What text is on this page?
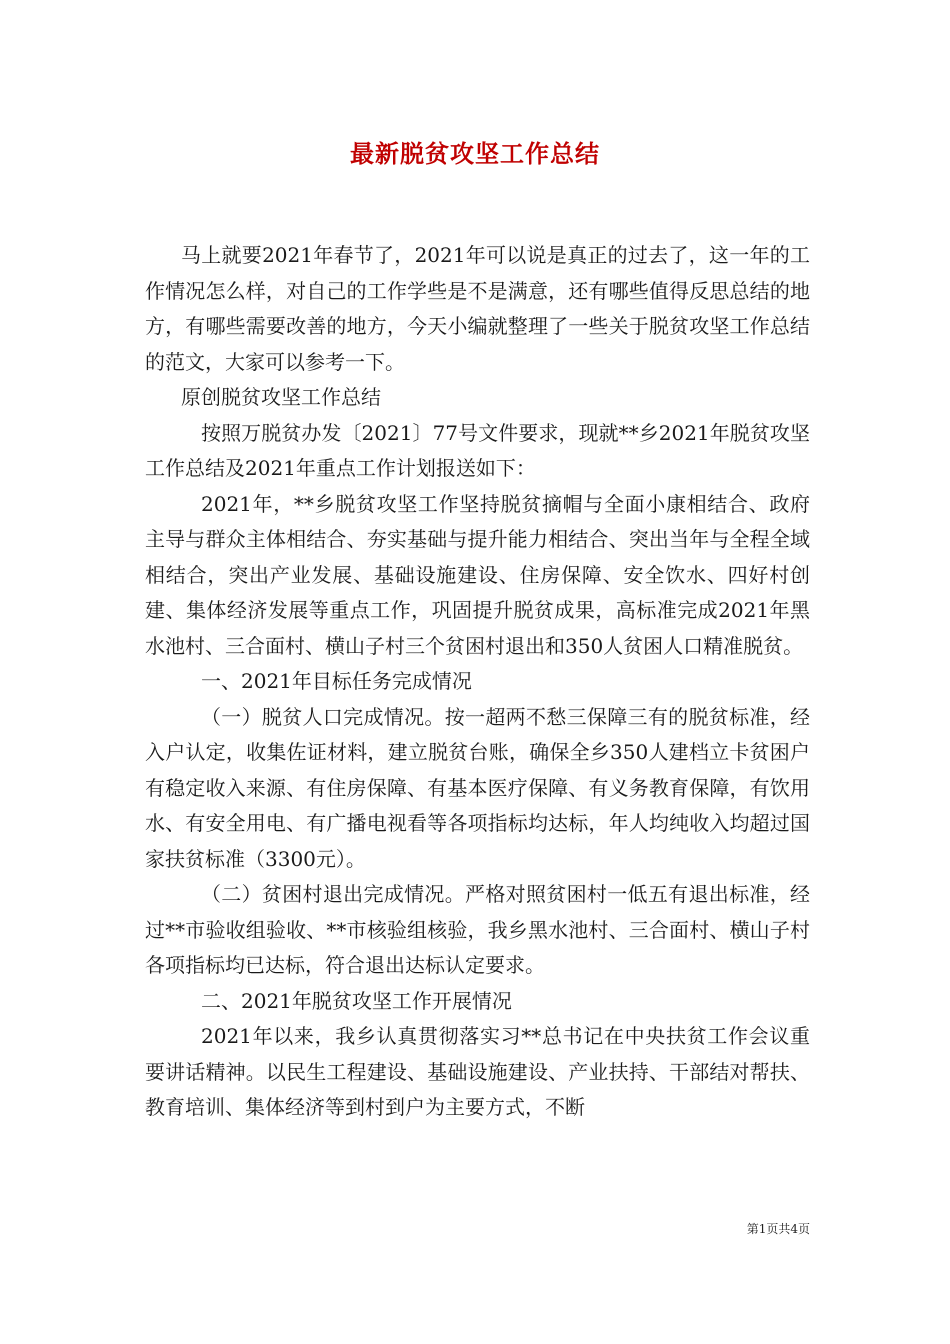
最新脱贫攻坚工作总结

马上就要2021年春节了，2021年可以说是真正的过去了，这一年的工作情况怎么样，对自己的工作学些是不是满意，还有哪些值得反思总结的地方，有哪些需要改善的地方，今天小编就整理了一些关于脱贫攻坚工作总结的范文，大家可以参考一下。

原创脱贫攻坚工作总结

按照万脱贫办发〔2021〕77号文件要求，现就**乡2021年脱贫攻坚工作总结及2021年重点工作计划报送如下：

2021年，**乡脱贫攻坚工作坚持脱贫摘帽与全面小康相结合、政府主导与群众主体相结合、夯实基础与提升能力相结合、突出当年与全程全域相结合，突出产业发展、基础设施建设、住房保障、安全饮水、四好村创建、集体经济发展等重点工作，巩固提升脱贫成果，高标准完成2021年黑水池村、三合面村、横山子村三个贫困村退出和350人贫困人口精准脱贫。

一、2021年目标任务完成情况

（一）脱贫人口完成情况。按一超两不愁三保障三有的脱贫标准，经入户认定，收集佐证材料，建立脱贫台账，确保全乡350人建档立卡贫困户有稳定收入来源、有住房保障、有基本医疗保障、有义务教育保障，有饮用水、有安全用电、有广播电视看等各项指标均达标，年人均纯收入均超过国家扶贫标准（3300元）。

（二）贫困村退出完成情况。严格对照贫困村一低五有退出标准，经过**市验收组验收、**市核验组核验，我乡黑水池村、三合面村、横山子村各项指标均已达标，符合退出达标认定要求。

二、2021年脱贫攻坚工作开展情况

2021年以来，我乡认真贯彻落实习**总书记在中央扶贫工作会议重要讲话精神。以民生工程建设、基础设施建设、产业扶持、干部结对帮扶、教育培训、集体经济等到村到户为主要方式，不断

第1页共4页
